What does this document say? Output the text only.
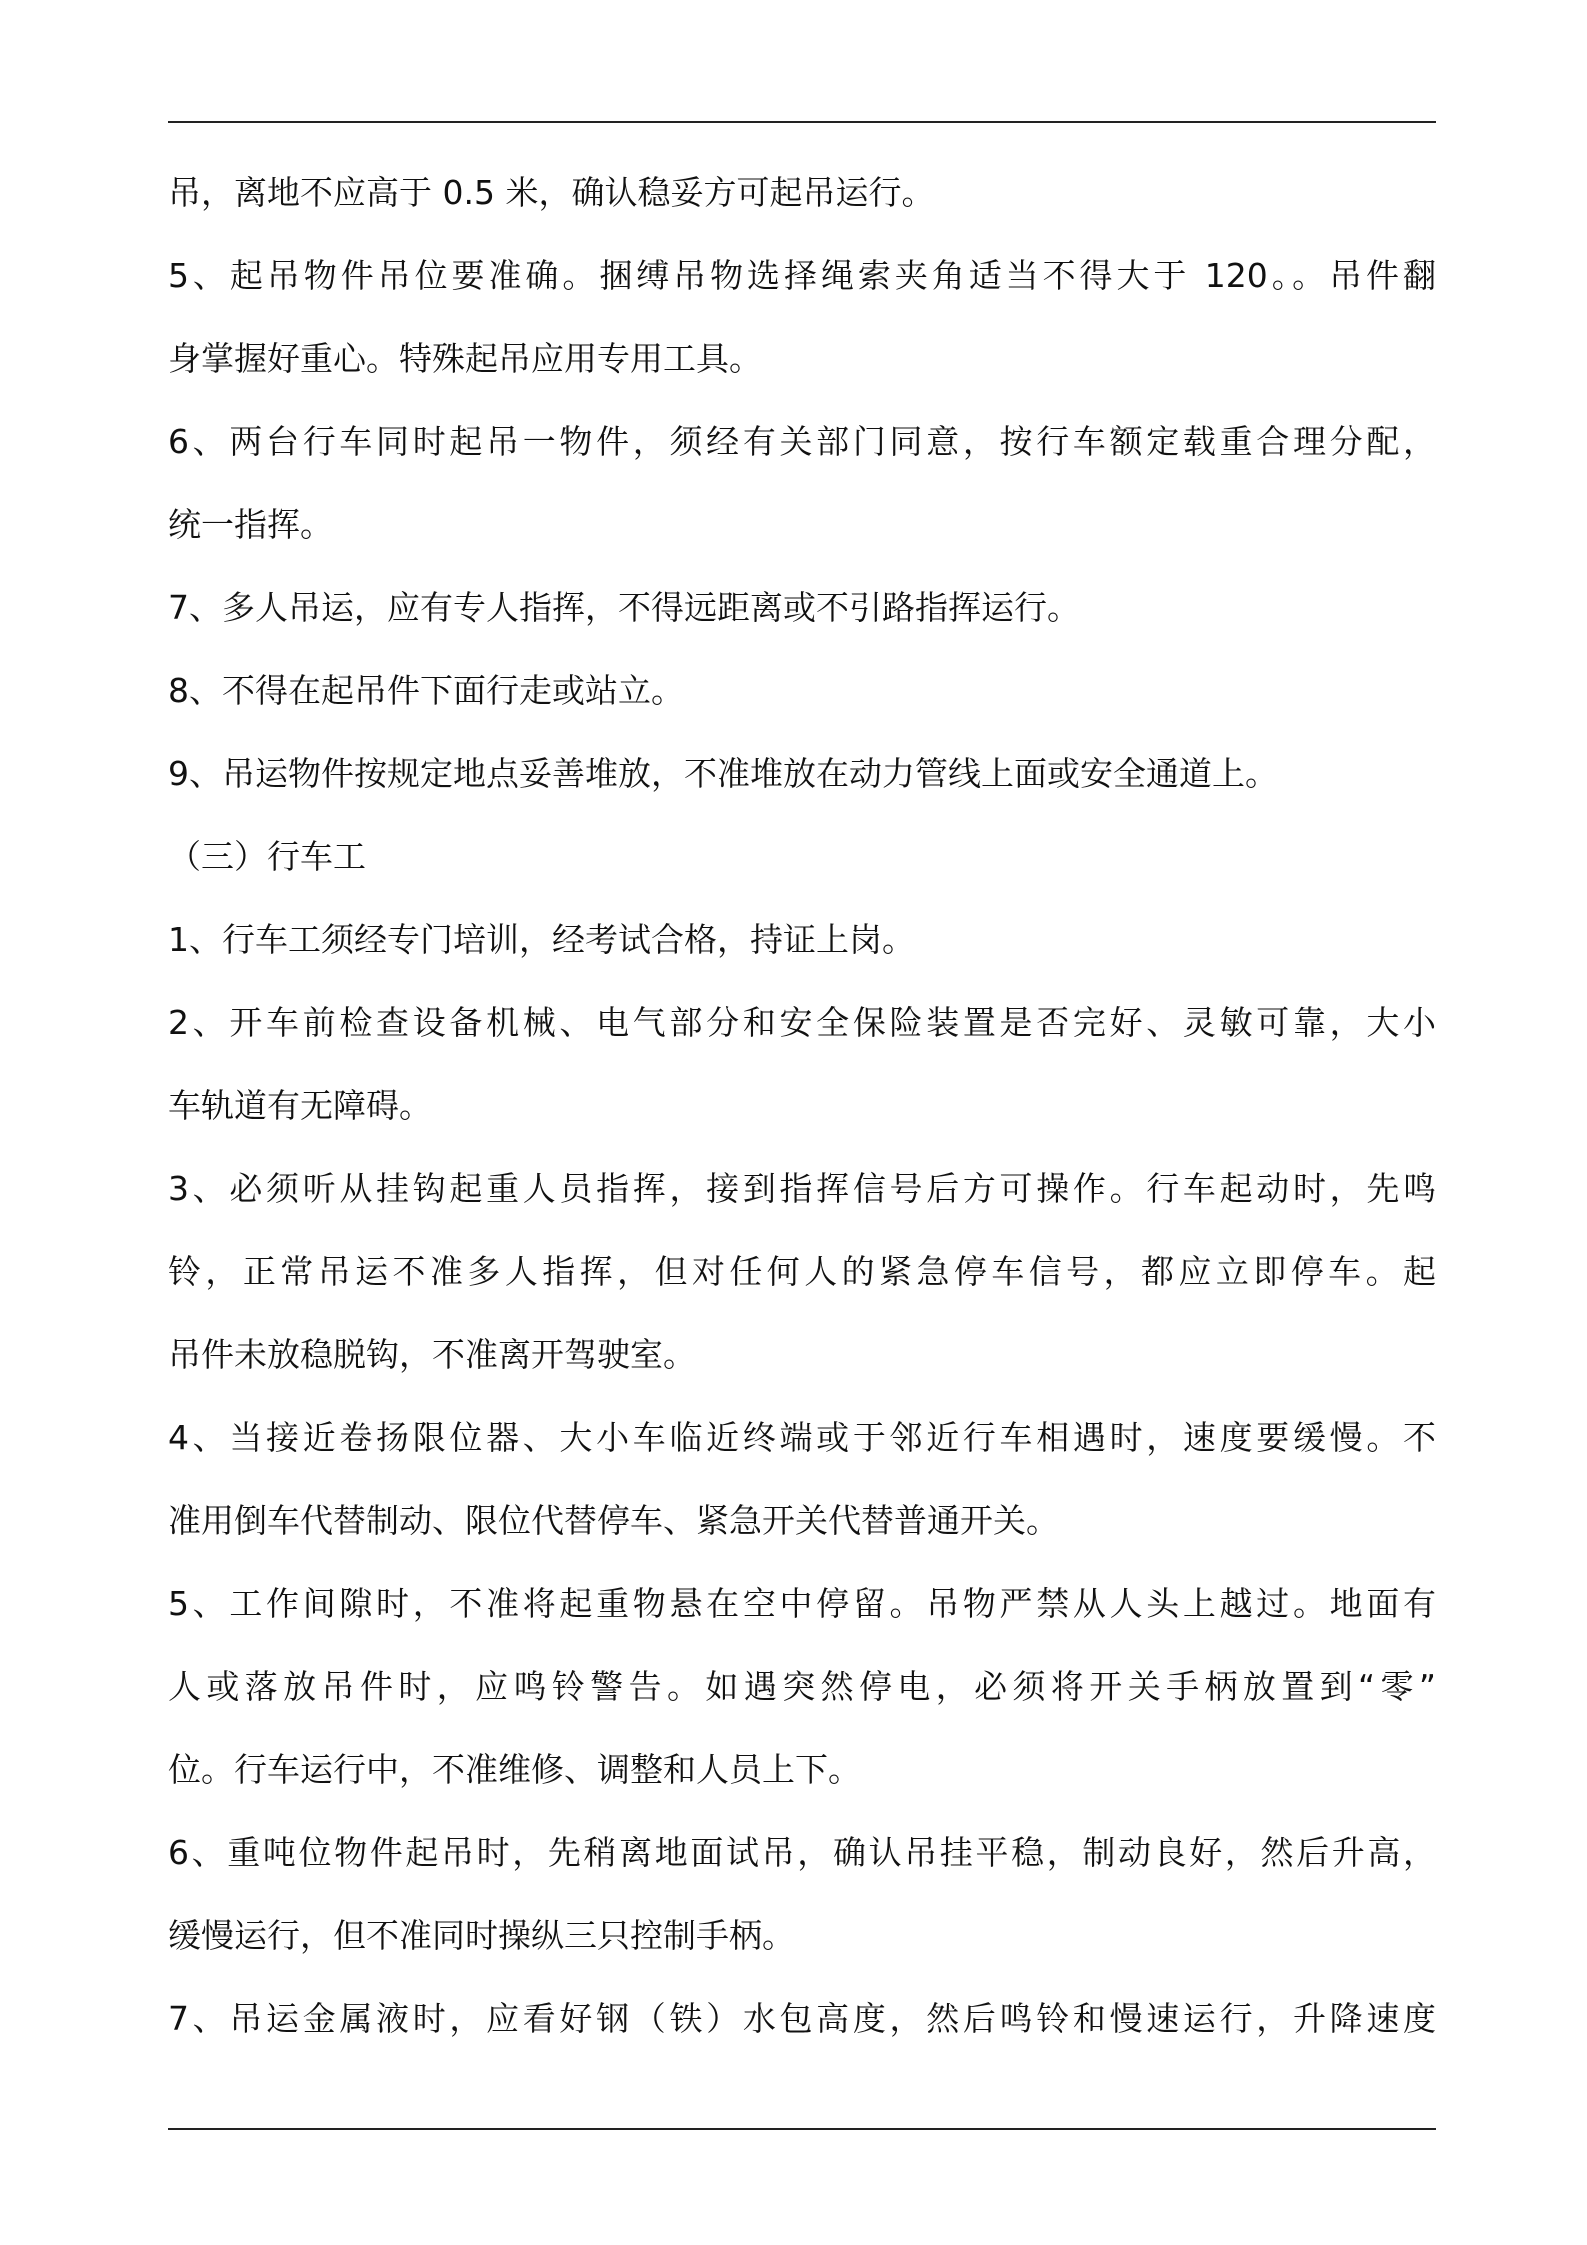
吊，离地不应高于 0.5 米，确认稳妥方可起吊运行。
5、起吊物件吊位要准确。捆缚吊物选择绳索夹角适当不得大于 120。。吊件翻
身掌握好重心。特殊起吊应用专用工具。
6、两台行车同时起吊一物件，须经有关部门同意，按行车额定载重合理分配，
统一指挥。
7、多人吊运，应有专人指挥，不得远距离或不引路指挥运行。
8、不得在起吊件下面行走或站立。
9、吊运物件按规定地点妥善堆放，不准堆放在动力管线上面或安全通道上。
（三）行车工
1、行车工须经专门培训，经考试合格，持证上岗。
2、开车前检查设备机械、电气部分和安全保险装置是否完好、灵敏可靠，大小
车轨道有无障碍。
3、必须听从挂钩起重人员指挥，接到指挥信号后方可操作。行车起动时，先鸣
铃，正常吊运不准多人指挥，但对任何人的紧急停车信号，都应立即停车。起
吊件未放稳脱钩，不准离开驾驶室。
4、当接近卷扬限位器、大小车临近终端或于邻近行车相遇时，速度要缓慢。不
准用倒车代替制动、限位代替停车、紧急开关代替普通开关。
5、工作间隙时，不准将起重物悬在空中停留。吊物严禁从人头上越过。地面有
人或落放吊件时，应鸣铃警告。如遇突然停电，必须将开关手柄放置到“零”
位。行车运行中，不准维修、调整和人员上下。
6、重吨位物件起吊时，先稍离地面试吊，确认吊挂平稳，制动良好，然后升高，
缓慢运行，但不准同时操纵三只控制手柄。
7、吊运金属液时，应看好钢（铁）水包高度，然后鸣铃和慢速运行，升降速度
